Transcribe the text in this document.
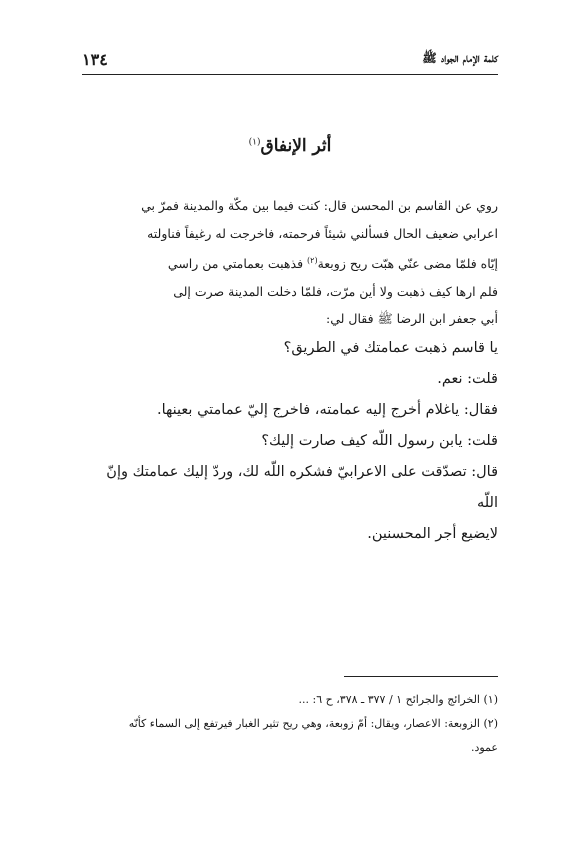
١٣٤	كلمة الإمام الجواد ﷺ
أثر الإنفاق$^{(١)}$
روي عن القاسم بن المحسن قال: كنت فيما بين مكّة والمدينة فمرّ بي
اعرابي ضعيف الحال فسألني شيئاً فرحمته، فاخرجت له رغيفاً فناولته
إيّاه فلمّا مضى عنّي هبّت ريح زوبعة$^{(٢)}$ فذهبت بعمامتي من راسي
فلم ارها كيف ذهبت ولا أين مرّت، فلمّا دخلت المدينة صرت إلى
أبي جعفر ابن الرضا ﷺ فقال لي:

يا قاسم ذهبت عمامتك في الطريق؟

قلت: نعم.

فقال: ياغلام أخرج إليه عمامته، فاخرج إليّ عمامتي بعينها.

قلت: يابن رسول اللّه كيف صارت إليك؟

قال: تصدّقت على الاعرابيّ فشكره اللّه لك، وردّ إليك عمامتك وإنّ اللّه

لايضيع أجر المحسنين.

(١) الخرائج والجرائح ١ / ٣٧٧ ـ ٣٧٨، ح ٦: ...

(٢) الزوبعة: الاعصار، ويقال: أمّ زوبعة، وهي ريح تثير الغبار فيرتفع إلى السماء كأنّه

عمود.
